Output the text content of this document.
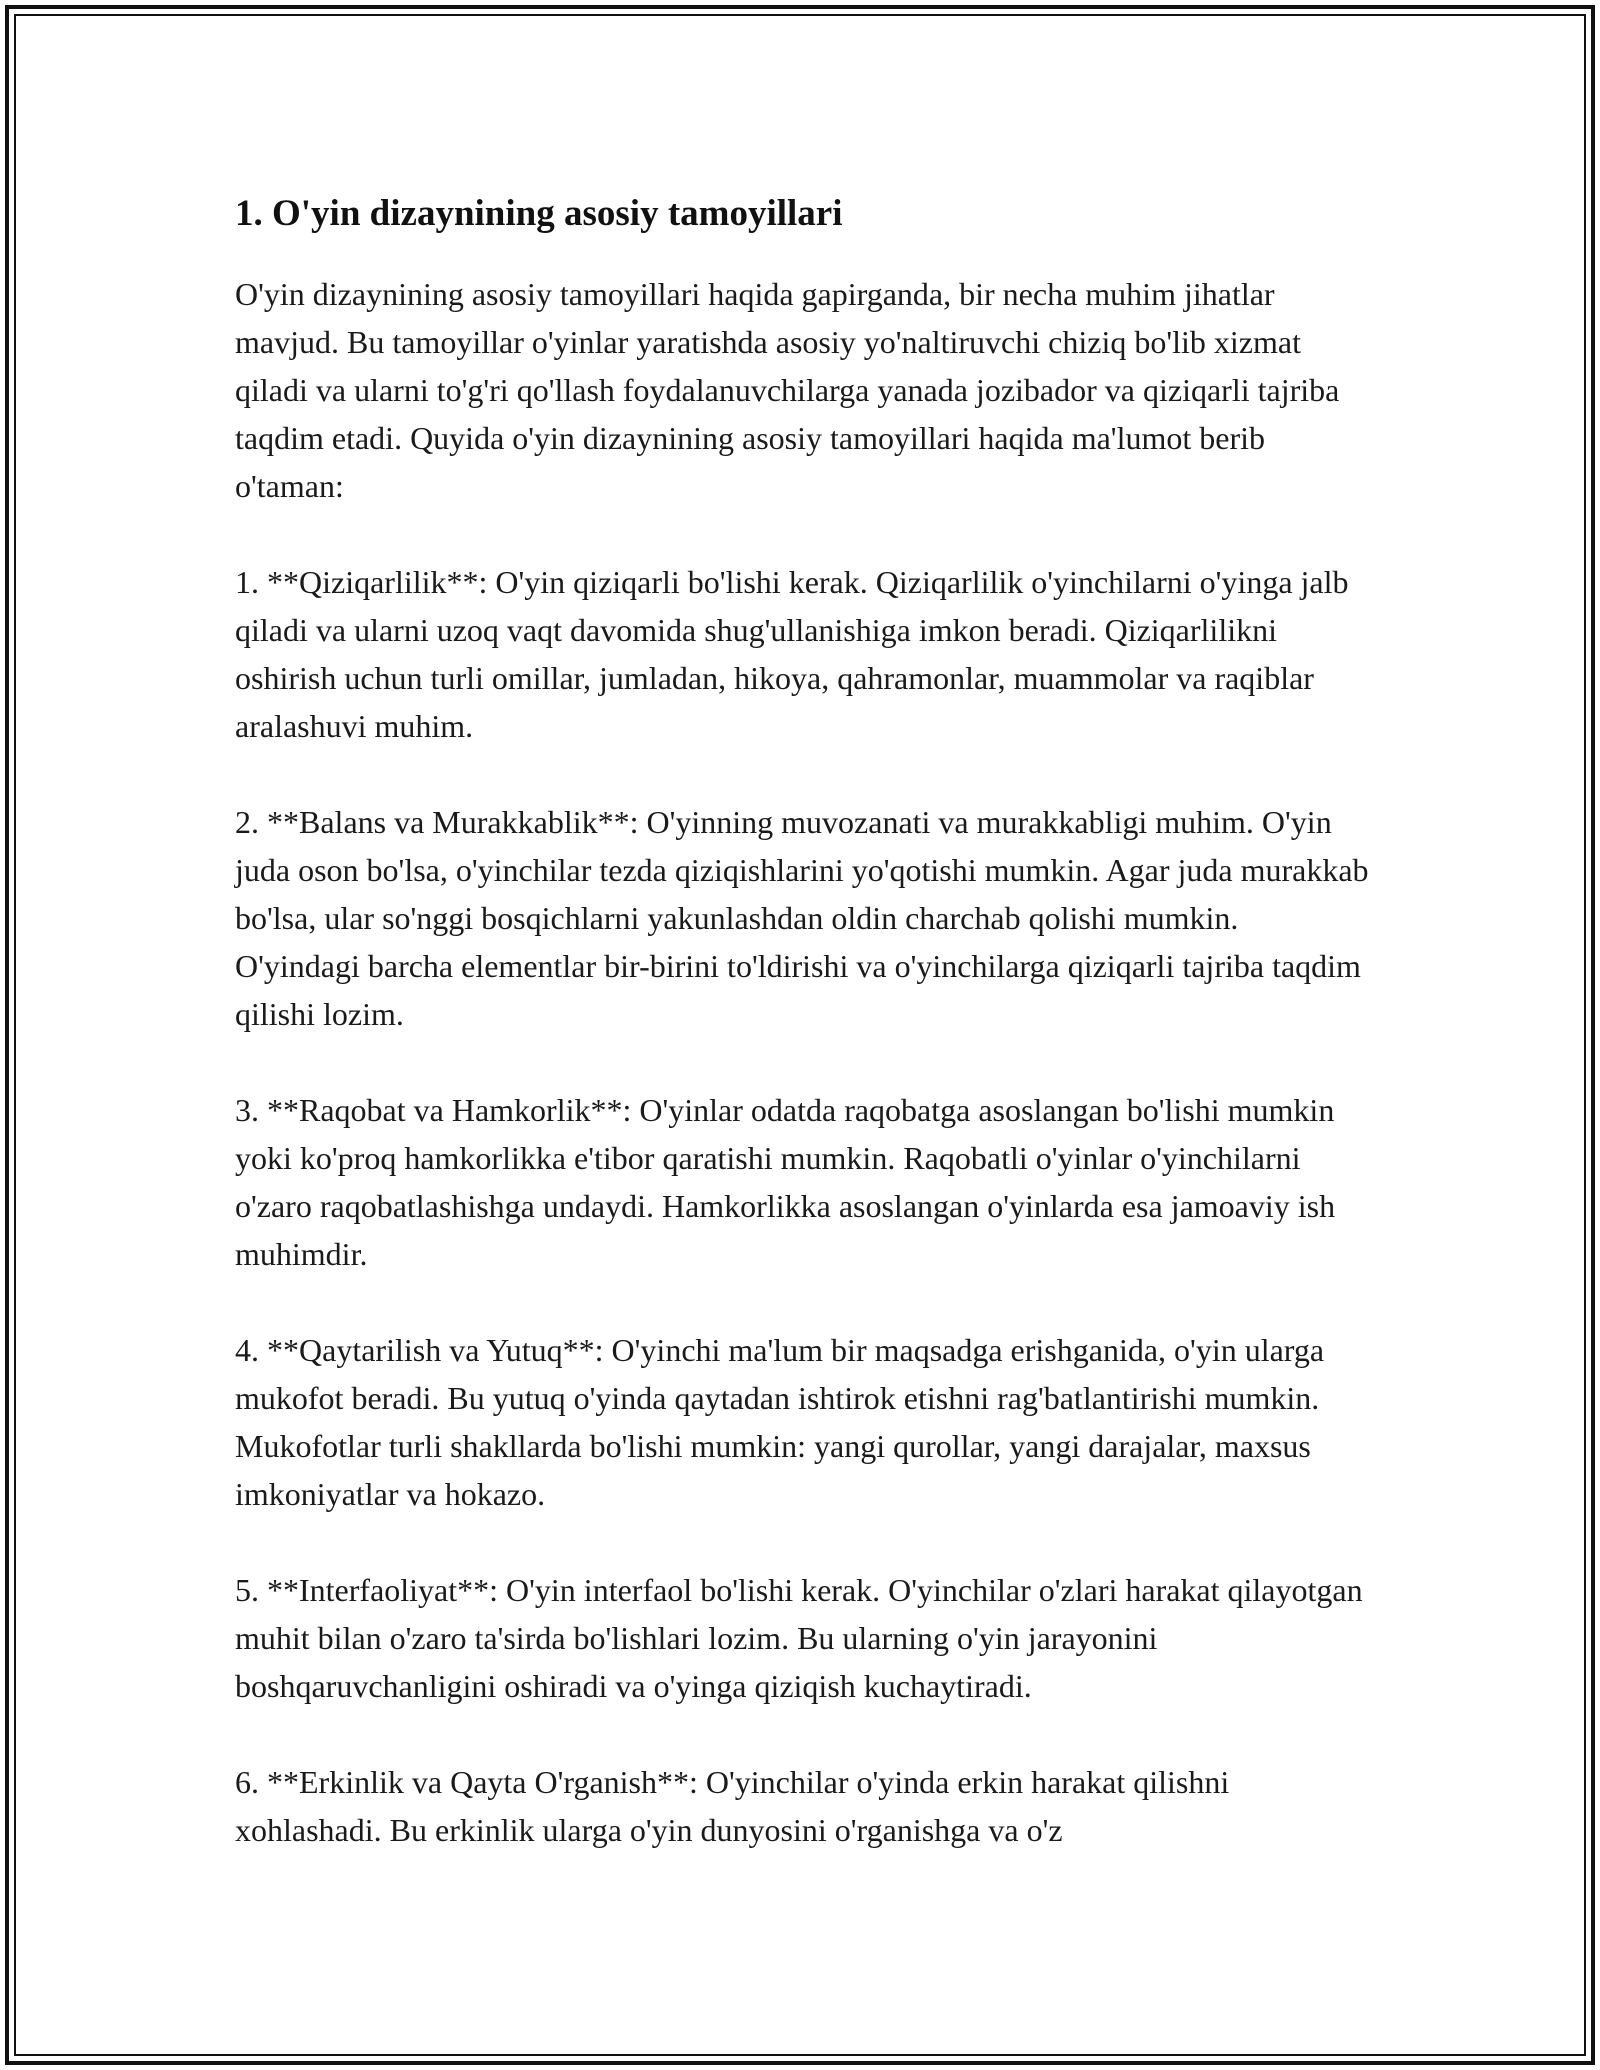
1. O'yin dizaynining asosiy tamoyillari

O'yin dizaynining asosiy tamoyillari haqida gapirganda, bir necha muhim jihatlar mavjud. Bu tamoyillar o'yinlar yaratishda asosiy yo'naltiruvchi chiziq bo'lib xizmat qiladi va ularni to'g'ri qo'llash foydalanuvchilarga yanada jozibador va qiziqarli tajriba taqdim etadi. Quyida o'yin dizaynining asosiy tamoyillari haqida ma'lumot berib o'taman:

1. **Qiziqarlilik**: O'yin qiziqarli bo'lishi kerak. Qiziqarlilik o'yinchilarni o'yinga jalb qiladi va ularni uzoq vaqt davomida shug'ullanishiga imkon beradi. Qiziqarlilikni oshirish uchun turli omillar, jumladan, hikoya, qahramonlar, muammolar va raqiblar aralashuvi muhim.

2. **Balans va Murakkablik**: O'yinning muvozanati va murakkabligi muhim. O'yin juda oson bo'lsa, o'yinchilar tezda qiziqishlarini yo'qotishi mumkin. Agar juda murakkab bo'lsa, ular so'nggi bosqichlarni yakunlashdan oldin charchab qolishi mumkin. O'yindagi barcha elementlar bir-birini to'ldirishi va o'yinchilarga qiziqarli tajriba taqdim qilishi lozim.

3. **Raqobat va Hamkorlik**: O'yinlar odatda raqobatga asoslangan bo'lishi mumkin yoki ko'proq hamkorlikka e'tibor qaratishi mumkin. Raqobatli o'yinlar o'yinchilarni o'zaro raqobatlashishga undaydi. Hamkorlikka asoslangan o'yinlarda esa jamoaviy ish muhimdir.

4. **Qaytarilish va Yutuq**: O'yinchi ma'lum bir maqsadga erishganida, o'yin ularga mukofot beradi. Bu yutuq o'yinda qaytadan ishtirok etishni rag'batlantirishi mumkin. Mukofotlar turli shakllarda bo'lishi mumkin: yangi qurollar, yangi darajalar, maxsus imkoniyatlar va hokazo.

5. **Interfaoliyat**: O'yin interfaol bo'lishi kerak. O'yinchilar o'zlari harakat qilayotgan muhit bilan o'zaro ta'sirda bo'lishlari lozim. Bu ularning o'yin jarayonini boshqaruvchanligini oshiradi va o'yinga qiziqish kuchaytiradi.

6. **Erkinlik va Qayta O'rganish**: O'yinchilar o'yinda erkin harakat qilishni xohlashadi. Bu erkinlik ularga o'yin dunyosini o'rganishga va o'z
